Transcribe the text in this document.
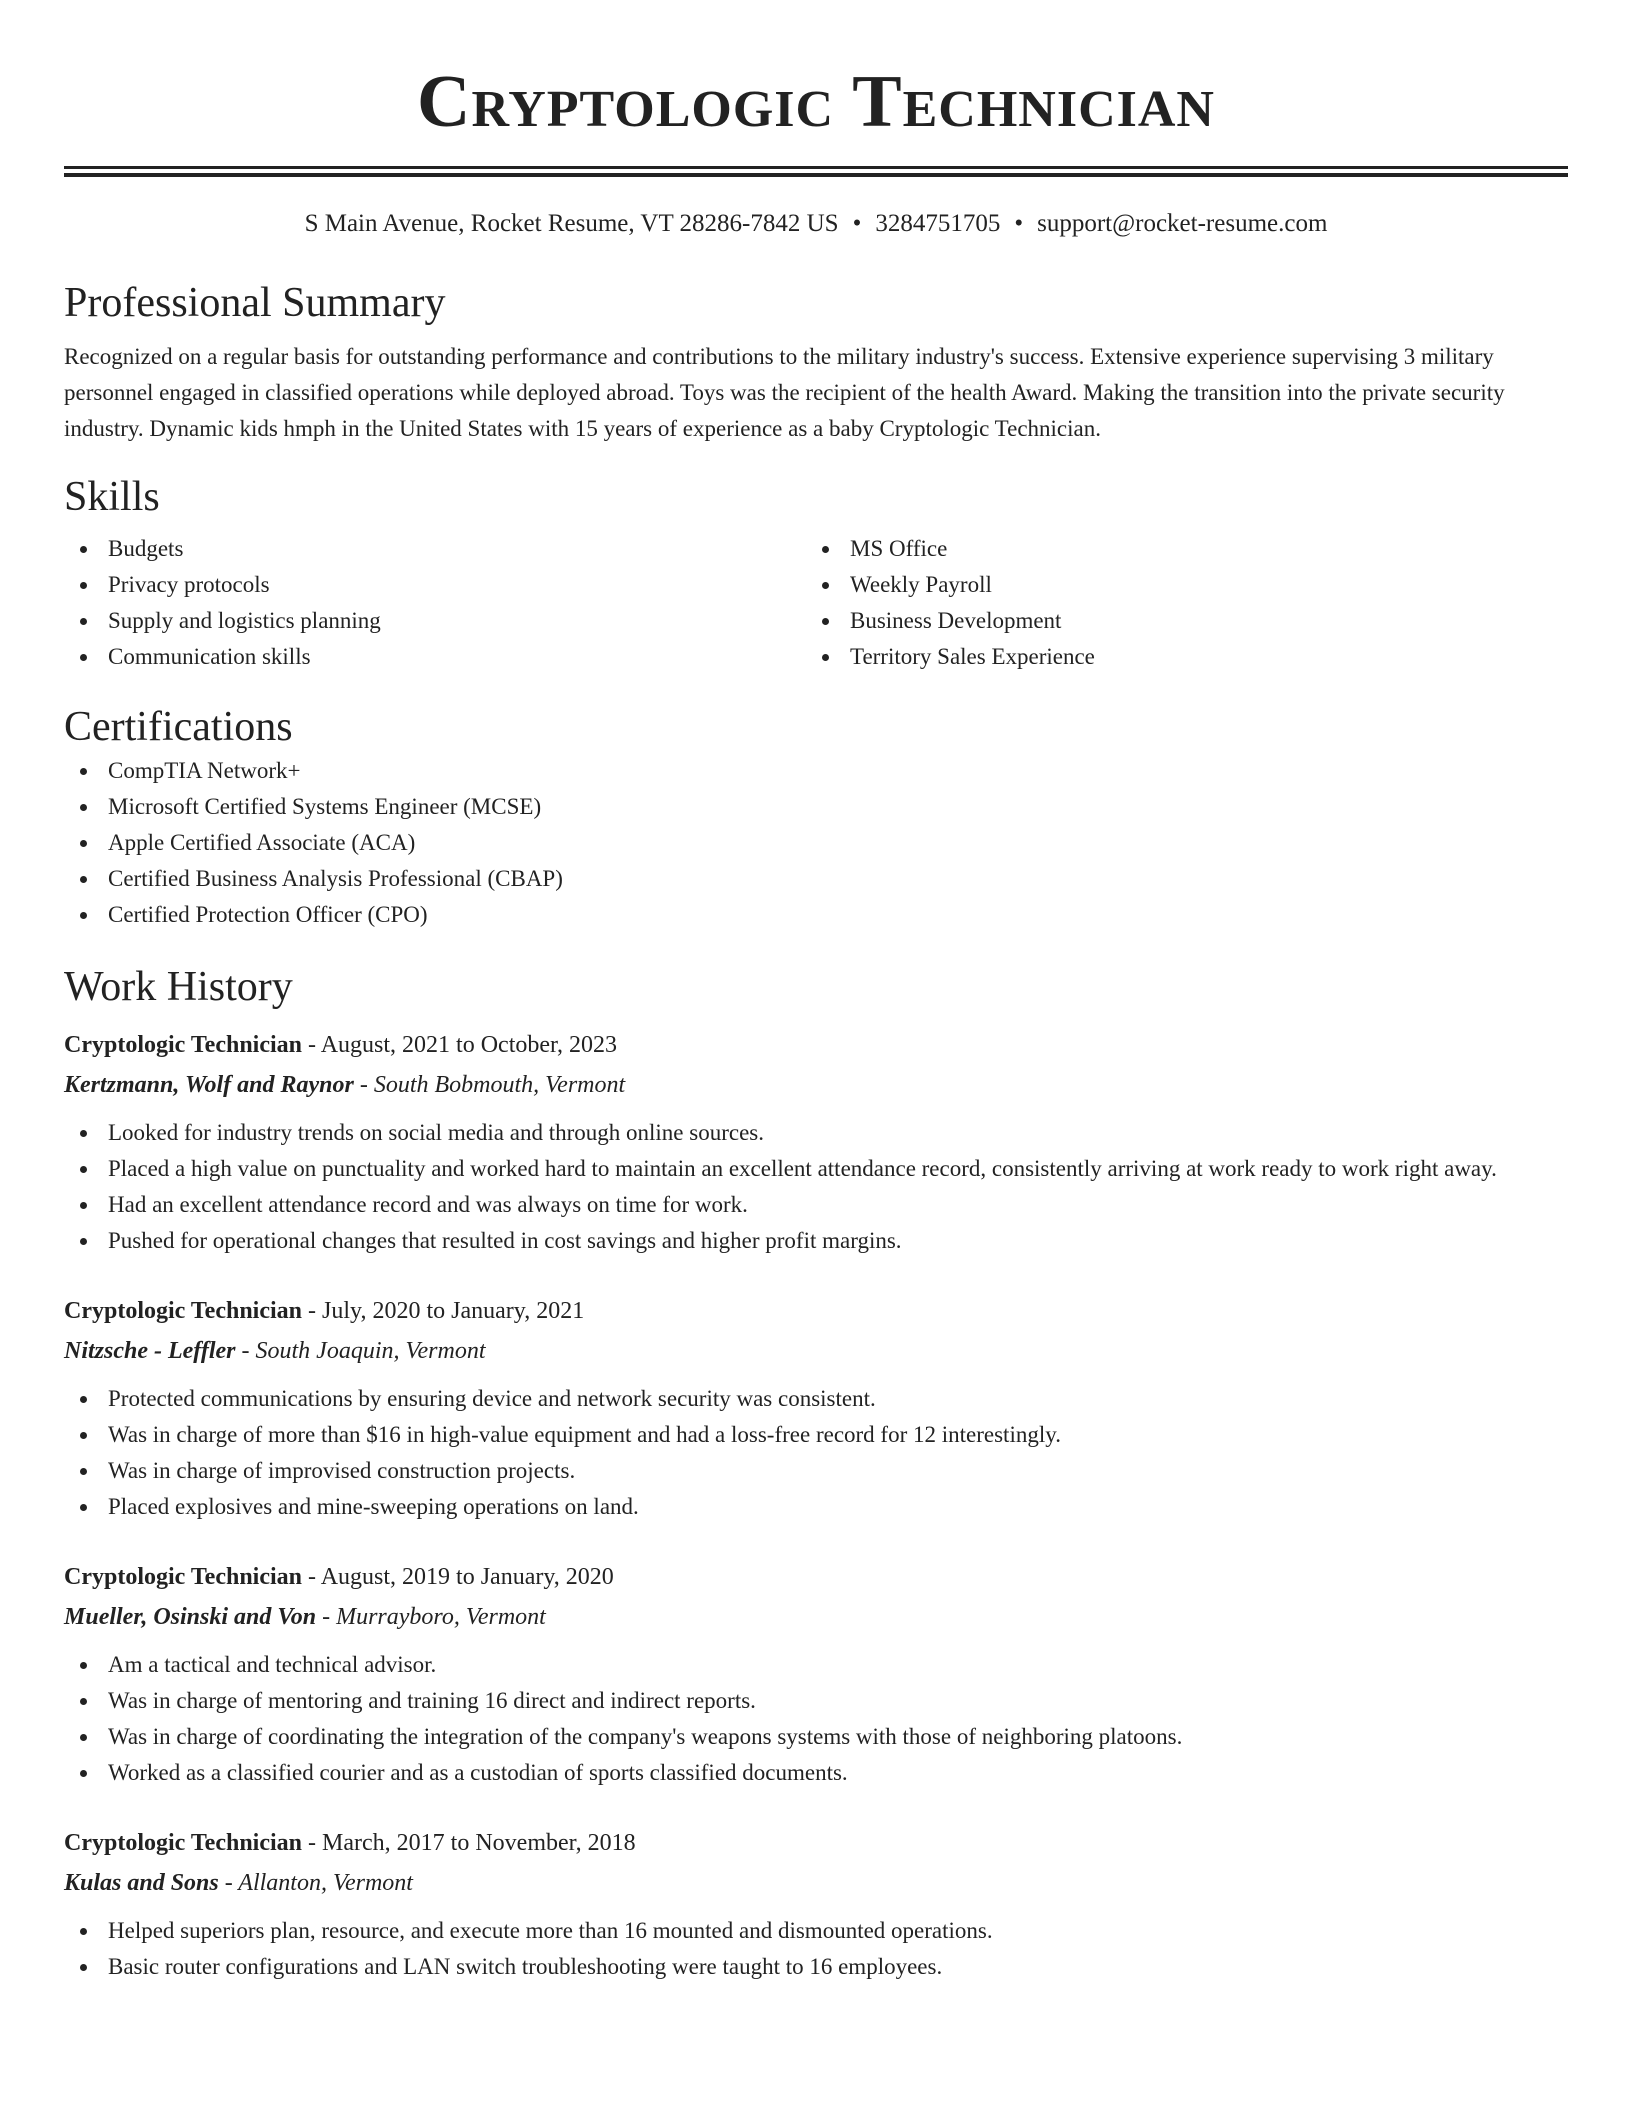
Cryptologic Technician
S Main Avenue, Rocket Resume, VT 28286-7842 US • 3284751705 • support@rocket-resume.com
Professional Summary

Recognized on a regular basis for outstanding performance and contributions to the military industry's success. Extensive experience supervising 3 military personnel engaged in classified operations while deployed abroad. Toys was the recipient of the health Award. Making the transition into the private security industry. Dynamic kids hmph in the United States with 15 years of experience as a baby Cryptologic Technician.

Skills
Budgets
Privacy protocols
Supply and logistics planning
Communication skills
MS Office
Weekly Payroll
Business Development
Territory Sales Experience
Certifications
CompTIA Network+
Microsoft Certified Systems Engineer (MCSE)
Apple Certified Associate (ACA)
Certified Business Analysis Professional (CBAP)
Certified Protection Officer (CPO)
Work History
Cryptologic Technician - August, 2021 to October, 2023
Kertzmann, Wolf and Raynor - South Bobmouth, Vermont
Looked for industry trends on social media and through online sources.
Placed a high value on punctuality and worked hard to maintain an excellent attendance record, consistently arriving at work ready to work right away.
Had an excellent attendance record and was always on time for work.
Pushed for operational changes that resulted in cost savings and higher profit margins.
Cryptologic Technician - July, 2020 to January, 2021
Nitzsche - Leffler - South Joaquin, Vermont
Protected communications by ensuring device and network security was consistent.
Was in charge of more than $16 in high-value equipment and had a loss-free record for 12 interestingly.
Was in charge of improvised construction projects.
Placed explosives and mine-sweeping operations on land.
Cryptologic Technician - August, 2019 to January, 2020
Mueller, Osinski and Von - Murrayboro, Vermont
Am a tactical and technical advisor.
Was in charge of mentoring and training 16 direct and indirect reports.
Was in charge of coordinating the integration of the company's weapons systems with those of neighboring platoons.
Worked as a classified courier and as a custodian of sports classified documents.
Cryptologic Technician - March, 2017 to November, 2018
Kulas and Sons - Allanton, Vermont
Helped superiors plan, resource, and execute more than 16 mounted and dismounted operations.
Basic router configurations and LAN switch troubleshooting were taught to 16 employees.
